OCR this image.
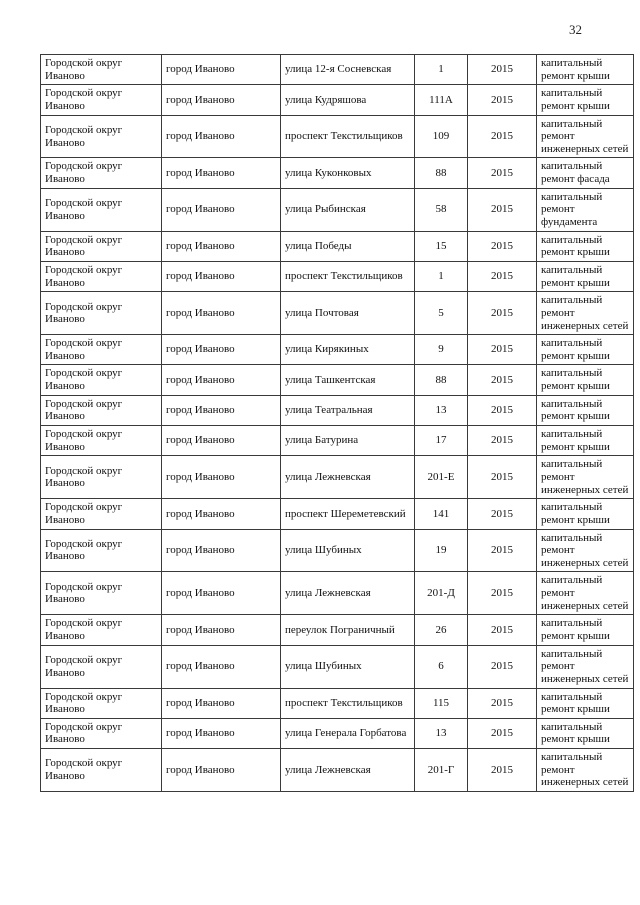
32
Городской округ Иваново	город Иваново	улица 12-я Сосневская	1	2015	капитальный ремонт крыши
Городской округ Иваново	город Иваново	улица Кудряшова	111А	2015	капитальный ремонт крыши
Городской округ Иваново	город Иваново	проспект Текстильщиков	109	2015	капитальный ремонт инженерных сетей
Городской округ Иваново	город Иваново	улица Куконковых	88	2015	капитальный ремонт фасада
Городской округ Иваново	город Иваново	улица Рыбинская	58	2015	капитальный ремонт фундамента
Городской округ Иваново	город Иваново	улица Победы	15	2015	капитальный ремонт крыши
Городской округ Иваново	город Иваново	проспект Текстильщиков	1	2015	капитальный ремонт крыши
Городской округ Иваново	город Иваново	улица Почтовая	5	2015	капитальный ремонт инженерных сетей
Городской округ Иваново	город Иваново	улица Кирякиных	9	2015	капитальный ремонт крыши
Городской округ Иваново	город Иваново	улица Ташкентская	88	2015	капитальный ремонт крыши
Городской округ Иваново	город Иваново	улица Театральная	13	2015	капитальный ремонт крыши
Городской округ Иваново	город Иваново	улица Батурина	17	2015	капитальный ремонт крыши
Городской округ Иваново	город Иваново	улица Лежневская	201-Е	2015	капитальный ремонт инженерных сетей
Городской округ Иваново	город Иваново	проспект Шереметевский	141	2015	капитальный ремонт крыши
Городской округ Иваново	город Иваново	улица Шубиных	19	2015	капитальный ремонт инженерных сетей
Городской округ Иваново	город Иваново	улица Лежневская	201-Д	2015	капитальный ремонт инженерных сетей
Городской округ Иваново	город Иваново	переулок Пограничный	26	2015	капитальный ремонт крыши
Городской округ Иваново	город Иваново	улица Шубиных	6	2015	капитальный ремонт инженерных сетей
Городской округ Иваново	город Иваново	проспект Текстильщиков	115	2015	капитальный ремонт крыши
Городской округ Иваново	город Иваново	улица Генерала Горбатова	13	2015	капитальный ремонт крыши
Городской округ Иваново	город Иваново	улица Лежневская	201-Г	2015	капитальный ремонт инженерных сетей
